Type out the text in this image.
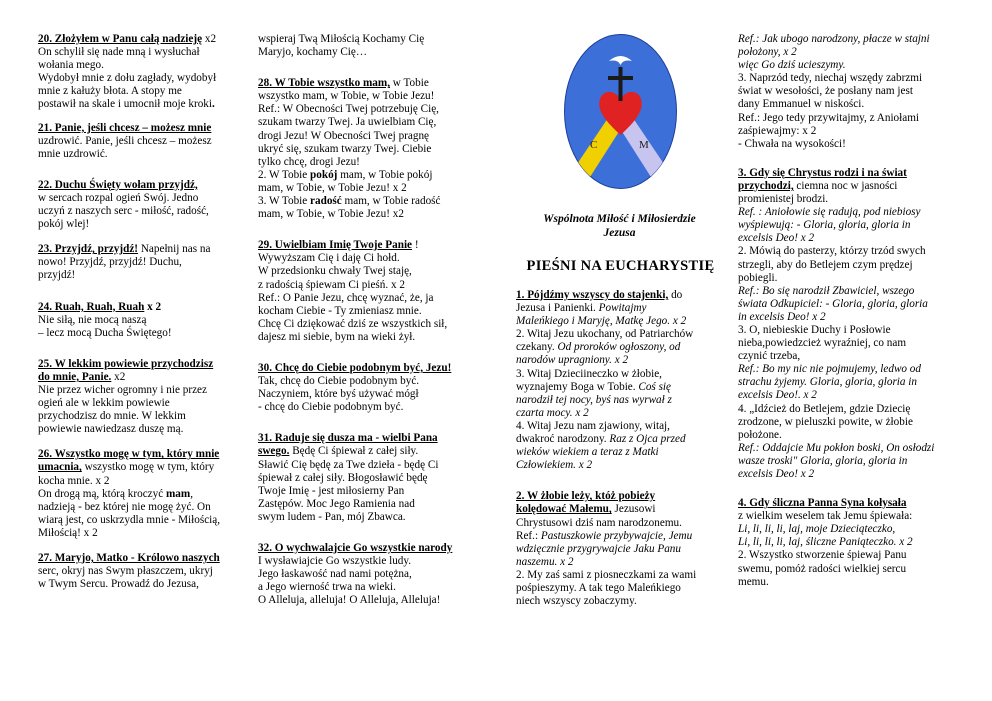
20. Złożyłem w Panu całą nadzieję x2
On schylił się nade mną i wysłuchał
wołania mego.
Wydobył mnie z dołu zagłady, wydobył
mnie z kałuży błota. A stopy me
postawił na skale i umocnił moje kroki.
21. Panie, jeśli chcesz – możesz mnie
uzdrowić. Panie, jeśli chcesz – możesz
mnie uzdrowić.
22. Duchu Święty wołam przyjdź,
w sercach rozpal ogień Swój. Jedno
uczyń z naszych serc - miłość, radość,
pokój wlej!
23. Przyjdź, przyjdź! Napełnij nas na
nowo! Przyjdź, przyjdź! Duchu,
przyjdź!
24. Ruah, Ruah, Ruah x 2
Nie siłą, nie mocą naszą
– lecz mocą Ducha Świętego!
25. W lekkim powiewie przychodzisz
do mnie, Panie. x2
Nie przez wicher ogromny i nie przez
ogień ale w lekkim powiewie
przychodzisz do mnie. W lekkim
powiewie nawiedzasz duszę mą.
26. Wszystko mogę w tym, który mnie
umacnia, wszystko mogę w tym, który
kocha mnie. x 2
On drogą mą, którą kroczyć mam,
nadzieją - bez której nie mogę żyć. On
wiarą jest, co uskrzydla mnie - Miłością,
Miłością! x 2
27. Maryjo, Matko - Królowo naszych
serc, okryj nas Swym płaszczem, ukryj
w Twym Sercu. Prowadź do Jezusa,
wspieraj Twą Miłością Kochamy Cię
Maryjo, kochamy Cię…
28. W Tobie wszystko mam, w Tobie
wszystko mam, w Tobie, w Tobie Jezu!
Ref.: W Obecności Twej potrzebuję Cię,
szukam twarzy Twej. Ja uwielbiam Cię,
drogi Jezu! W Obecności Twej pragnę
ukryć się, szukam twarzy Twej. Ciebie
tylko chcę, drogi Jezu!
2. W Tobie pokój mam, w Tobie pokój
mam, w Tobie, w Tobie Jezu! x 2
3. W Tobie radość mam, w Tobie radość
mam, w Tobie, w Tobie Jezu! x2
29. Uwielbiam Imię Twoje Panie !
Wywyższam Cię i daję Ci hołd.
W przedsionku chwały Twej staję,
z radością śpiewam Ci pieśń. x 2
Ref.: O Panie Jezu, chcę wyznać, że, ja
kocham Ciebie - Ty zmieniasz mnie.
Chcę Ci dziękować dziś ze wszystkich sił,
dajesz mi siebie, bym na wieki żył.
30. Chcę do Ciebie podobnym być, Jezu!
Tak, chcę do Ciebie podobnym być.
Naczyniem, które byś używać mógł
- chcę do Ciebie podobnym być.
31. Raduje się dusza ma - wielbi Pana
swego. Będę Ci śpiewał z całej siły.
Sławić Cię będę za Twe dzieła - będę Ci
śpiewał z całej siły. Błogosławić będę
Twoje Imię - jest miłosierny Pan
Zastępów. Moc Jego Ramienia nad
swym ludem - Pan, mój Zbawca.
32. O wychwalajcie Go wszystkie narody
I wysławiajcie Go wszystkie ludy.
Jego łaskawość nad nami potężna,
a Jego wierność trwa na wieki.
O Alleluja, alleluja! O Alleluja, Alleluja!
1. Pójdźmy wszyscy do stajenki, do
Jezusa i Panienki. Powitajmy
Maleńkiego i Maryję, Matkę Jego. x 2
2. Witaj Jezu ukochany, od Patriarchów
czekany. Od proroków ogłoszony, od
narodów upragniony. x 2
3. Witaj Dzieciineczko w żłobie,
wyznajemy Boga w Tobie. Coś się
narodził tej nocy, byś nas wyrwał z
czarta mocy. x 2
4. Witaj Jezu nam zjawiony, witaj,
dwakroć narodzony. Raz z Ojca przed
wieków wiekiem a teraz z Matki
Człowiekiem. x 2
2. W żłobie leży, któż pobieży
kolędować Małemu, Jezusowi
Chrystusowi dziś nam narodzonemu.
Ref.: Pastuszkowie przybywajcie, Jemu
wdzięcznie przygrywajcie Jaku Panu
naszemu. x 2
2. My zaś sami z piosneczkami za wami
pośpieszymy. A tak tego Maleńkiego
niech wszyscy zobaczymy.
Ref.: Jak ubogo narodzony, płacze w stajni
położony, x 2
więc Go dziś ucieszymy.
3. Naprzód tedy, niechaj wszędy zabrzmi
świat w wesołości, że posłany nam jest
dany Emmanuel w niskości.
Ref.: Jego tedy przywitajmy, z Aniołami
zaśpiewajmy: x 2
- Chwała na wysokości!
3. Gdy się Chrystus rodzi i na świat
przychodzi, ciemna noc w jasności
promienistej brodzi.
Ref. : Aniołowie się radują, pod niebiosy
wyśpiewują: - Gloria, gloria, gloria in
excelsis Deo! x 2
2. Mówią do pasterzy, którzy trzód swych
strzegli, aby do Betlejem czym prędzej
pobiegli.
Ref.: Bo się narodził Zbawiciel, wszego
świata Odkupiciel: - Gloria, gloria, gloria
in excelsis Deo! x 2
3. O, niebieskie Duchy i Posłowie
nieba,powiedzcież wyraźniej, co nam
czynić trzeba,
Ref.: Bo my nic nie pojmujemy, ledwo od
strachu żyjemy. Gloria, gloria, gloria in
excelsis Deo!. x 2
4. „Idźcież do Betlejem, gdzie Dziecię
zrodzone, w pieluszki powite, w żłobie
położone.
Ref.: Oddajcie Mu pokłon boski, On osłodzi
wasze troski" Gloria, gloria, gloria in
excelsis Deo! x 2
4. Gdy śliczna Panna Syna kołysała
z wielkim weselem tak Jemu śpiewała:
Li, li, li, li, laj, moje Dzieciąteczko,
Li, li, li, li, laj, śliczne Paniąteczko. x 2
2. Wszystko stworzenie śpiewaj Panu
swemu, pomóż radości wielkiej sercu
memu.
C	M
Wspólnota Miłość i Miłosierdzie
Jezusa
PIEŚNI NA EUCHARYSTIĘ
